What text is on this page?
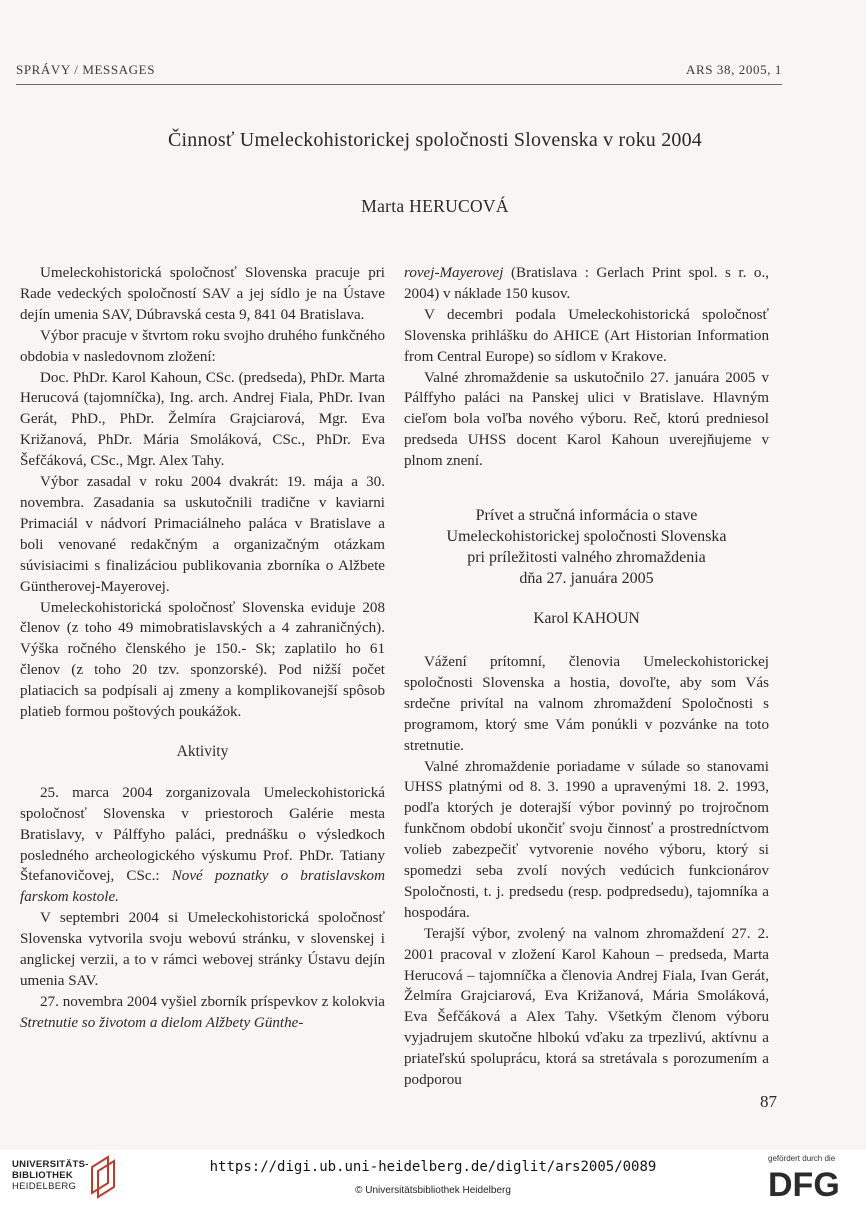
SPRÁVY / MESSAGES	ARS 38, 2005, 1
Činnosť Umeleckohistorickej spoločnosti Slovenska v roku 2004
Marta HERUCOVÁ

Umeleckohistorická spoločnosť Slovenska pracuje pri Rade vedeckých spoločností SAV a jej sídlo je na Ústave dejín umenia SAV, Dúbravská cesta 9, 841 04 Bratislava.

Výbor pracuje v štvrtom roku svojho druhého funkčného obdobia v nasledovnom zložení:

Doc. PhDr. Karol Kahoun, CSc. (predseda), PhDr. Marta Herucová (tajomníčka), Ing. arch. Andrej Fiala, PhDr. Ivan Gerát, PhD., PhDr. Želmíra Grajciarová, Mgr. Eva Križanová, PhDr. Mária Smoláková, CSc., PhDr. Eva Šefčáková, CSc., Mgr. Alex Tahy.

Výbor zasadal v roku 2004 dvakrát: 19. mája a 30. novembra. Zasadania sa uskutočnili tradične v kaviarni Primaciál v nádvorí Primaciálneho paláca v Bratislave a boli venované redakčným a organizačným otázkam súvisiacimi s finalizáciou publikovania zborníka o Alžbete Güntherovej-Mayerovej.

Umeleckohistorická spoločnosť Slovenska eviduje 208 členov (z toho 49 mimobratislavských a 4 zahraničných). Výška ročného členského je 150.- Sk; zaplatilo ho 61 členov (z toho 20 tzv. sponzorské). Pod nižší počet platiacich sa podpísali aj zmeny a komplikovanejší spôsob platieb formou poštových poukážok.

Aktivity

25. marca 2004 zorganizovala Umeleckohistorická spoločnosť Slovenska v priestoroch Galérie mesta Bratislavy, v Pálffyho paláci, prednášku o výsledkoch posledného archeologického výskumu Prof. PhDr. Tatiany Štefanovičovej, CSc.: Nové poznatky o bratislavskom farskom kostole.

V septembri 2004 si Umeleckohistorická spoločnosť Slovenska vytvorila svoju webovú stránku, v slovenskej i anglickej verzii, a to v rámci webovej stránky Ústavu dejín umenia SAV.

27. novembra 2004 vyšiel zborník príspevkov z kolokvia Stretnutie so životom a dielom Alžbety Günthe-

rovej-Mayerovej (Bratislava : Gerlach Print spol. s r. o., 2004) v náklade 150 kusov.

V decembri podala Umeleckohistorická spoločnosť Slovenska prihlášku do AHICE (Art Historian Information from Central Europe) so sídlom v Krakove.

Valné zhromaždenie sa uskutočnilo 27. januára 2005 v Pálffyho paláci na Panskej ulici v Bratislave. Hlavným cieľom bola voľba nového výboru. Reč, ktorú predniesol predseda UHSS docent Karol Kahoun uverejňujeme v plnom znení.

Prívet a stručná informácia o stave
Umeleckohistorickej spoločnosti Slovenska
pri príležitosti valného zhromaždenia
dňa 27. januára 2005
Karol KAHOUN

Vážení prítomní, členovia Umeleckohistorickej spoločnosti Slovenska a hostia, dovoľte, aby som Vás srdečne privítal na valnom zhromaždení Spoločnosti s programom, ktorý sme Vám ponúkli v pozvánke na toto stretnutie.

Valné zhromaždenie poriadame v súlade so stanovami UHSS platnými od 8. 3. 1990 a upravenými 18. 2. 1993, podľa ktorých je doterajší výbor povinný po trojročnom funkčnom období ukončiť svoju činnosť a prostredníctvom volieb zabezpečiť vytvorenie nového výboru, ktorý si spomedzi seba zvolí nových vedúcich funkcionárov Spoločnosti, t. j. predsedu (resp. podpredsedu), tajomníka a hospodára.

Terajší výbor, zvolený na valnom zhromaždení 27. 2. 2001 pracoval v zložení Karol Kahoun – predseda, Marta Herucová – tajomníčka a členovia Andrej Fiala, Ivan Gerát, Želmíra Grajciarová, Eva Križanová, Mária Smoláková, Eva Šefčáková a Alex Tahy. Všetkým členom výboru vyjadrujem skutočne hlbokú vďaku za trpezlivú, aktívnu a priateľskú spoluprácu, ktorá sa stretávala s porozumením a podporou

87
UNIVERSITÄTS-
BIBLIOTHEK
HEIDELBERG
https://digi.ub.uni-heidelberg.de/diglit/ars2005/0089
© Universitätsbibliothek Heidelberg
gefördert durch die
DFG
